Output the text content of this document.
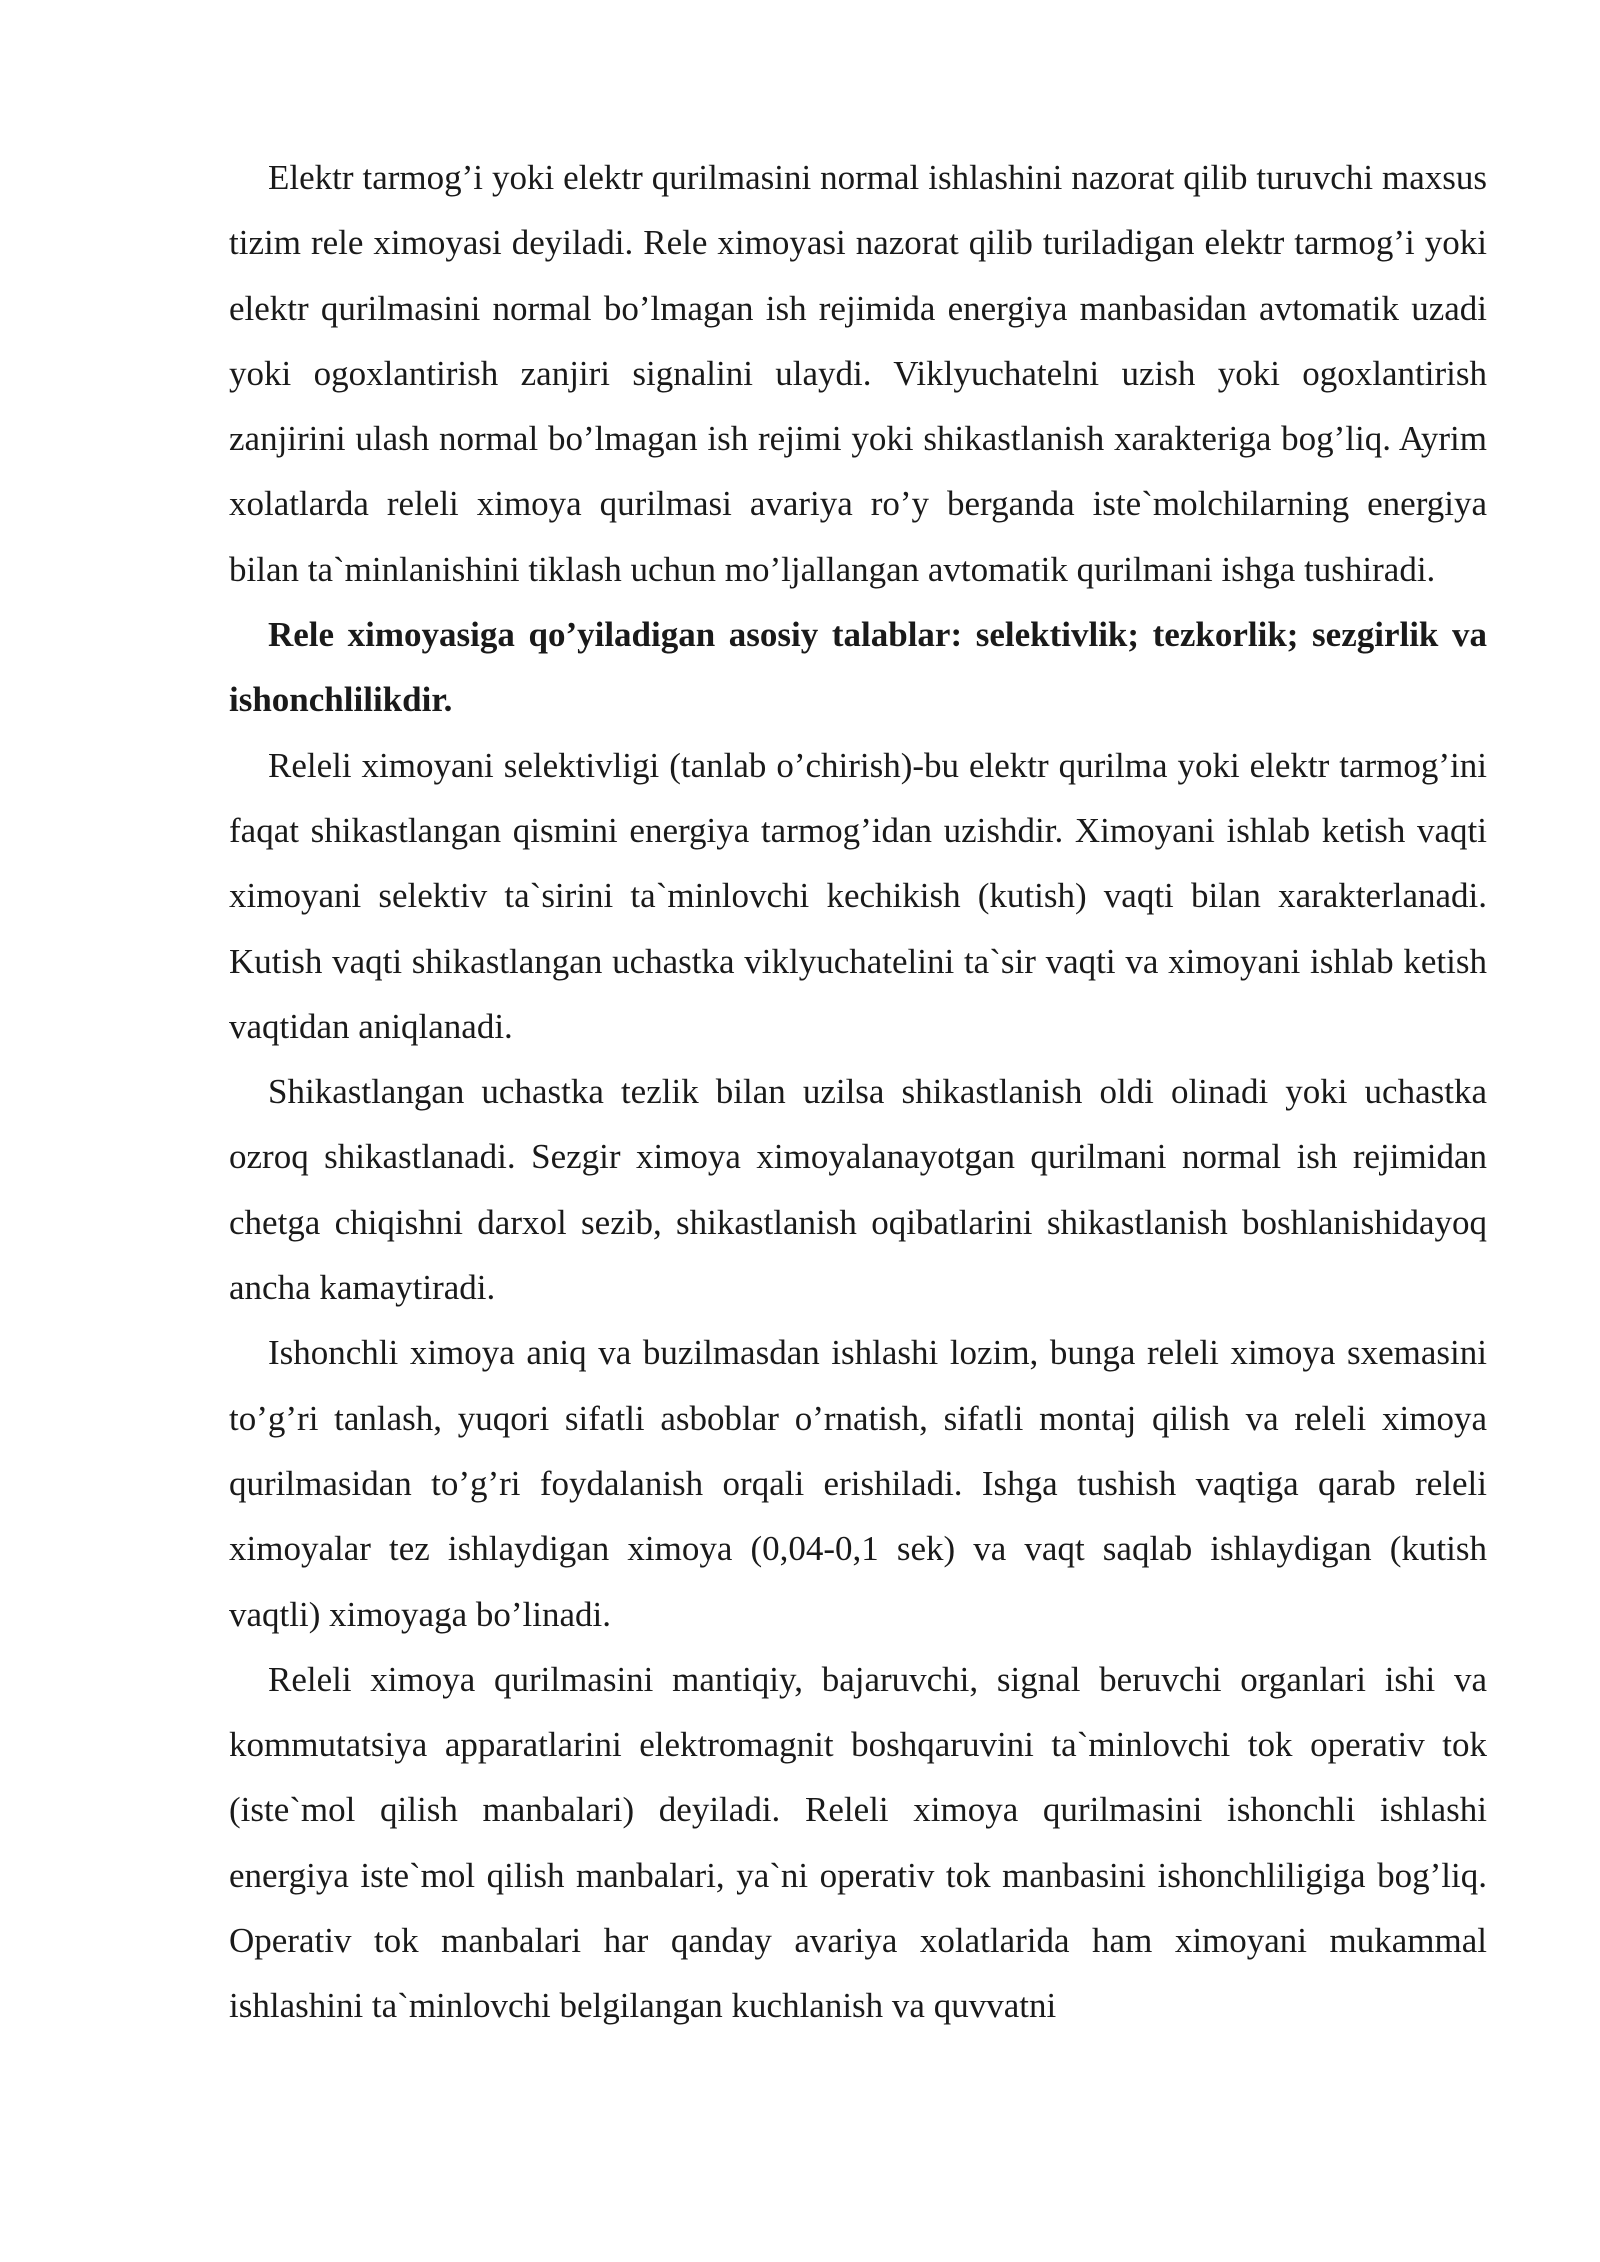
Elektr tarmog’i yoki elektr qurilmasini normal ishlashini nazorat qilib turuvchi maxsus tizim rele ximoyasi deyiladi. Rele ximoyasi nazorat qilib turiladigan elektr tarmog’i yoki elektr qurilmasini normal bo’lmagan ish rejimida energiya manbasidan avtomatik uzadi yoki ogoxlantirish zanjiri signalini ulaydi. Viklyuchatelni uzish yoki ogoxlantirish zanjirini ulash normal bo’lmagan ish rejimi yoki shikastlanish xarakteriga bog’liq. Ayrim xolatlarda releli ximoya qurilmasi avariya ro’y berganda iste`molchilarning energiya bilan ta`minlanishini tiklash uchun mo’ljallangan avtomatik qurilmani ishga tushiradi.

Rele ximoyasiga qo’yiladigan asosiy talablar: selektivlik; tezkorlik; sezgirlik va ishonchlilikdir.

Releli ximoyani selektivligi (tanlab o’chirish)-bu elektr qurilma yoki elektr tarmog’ini faqat shikastlangan qismini energiya tarmog’idan uzishdir. Ximoyani ishlab ketish vaqti ximoyani selektiv ta`sirini ta`minlovchi kechikish (kutish) vaqti bilan xarakterlanadi. Kutish vaqti shikastlangan uchastka viklyuchatelini ta`sir vaqti va ximoyani ishlab ketish vaqtidan aniqlanadi.

Shikastlangan uchastka tezlik bilan uzilsa shikastlanish oldi olinadi yoki uchastka ozroq shikastlanadi. Sezgir ximoya ximoyalanayotgan qurilmani normal ish rejimidan chetga chiqishni darxol sezib, shikastlanish oqibatlarini shikastlanish boshlanishidayoq ancha kamaytiradi.

Ishonchli ximoya aniq va buzilmasdan ishlashi lozim, bunga releli ximoya sxemasini to’g’ri tanlash, yuqori sifatli asboblar o’rnatish, sifatli montaj qilish va releli ximoya qurilmasidan to’g’ri foydalanish orqali erishiladi. Ishga tushish vaqtiga qarab releli ximoyalar tez ishlaydigan ximoya (0,04-0,1 sek) va vaqt saqlab ishlaydigan (kutish vaqtli) ximoyaga bo’linadi.

Releli ximoya qurilmasini mantiqiy, bajaruvchi, signal beruvchi organlari ishi va kommutatsiya apparatlarini elektromagnit boshqaruvini ta`minlovchi tok operativ tok (iste`mol qilish manbalari) deyiladi. Releli ximoya qurilmasini ishonchli ishlashi energiya iste`mol qilish manbalari, ya`ni operativ tok manbasini ishonchliligiga bog’liq. Operativ tok manbalari har qanday avariya xolatlarida ham ximoyani mukammal ishlashini ta`minlovchi belgilangan kuchlanish va quvvatni
